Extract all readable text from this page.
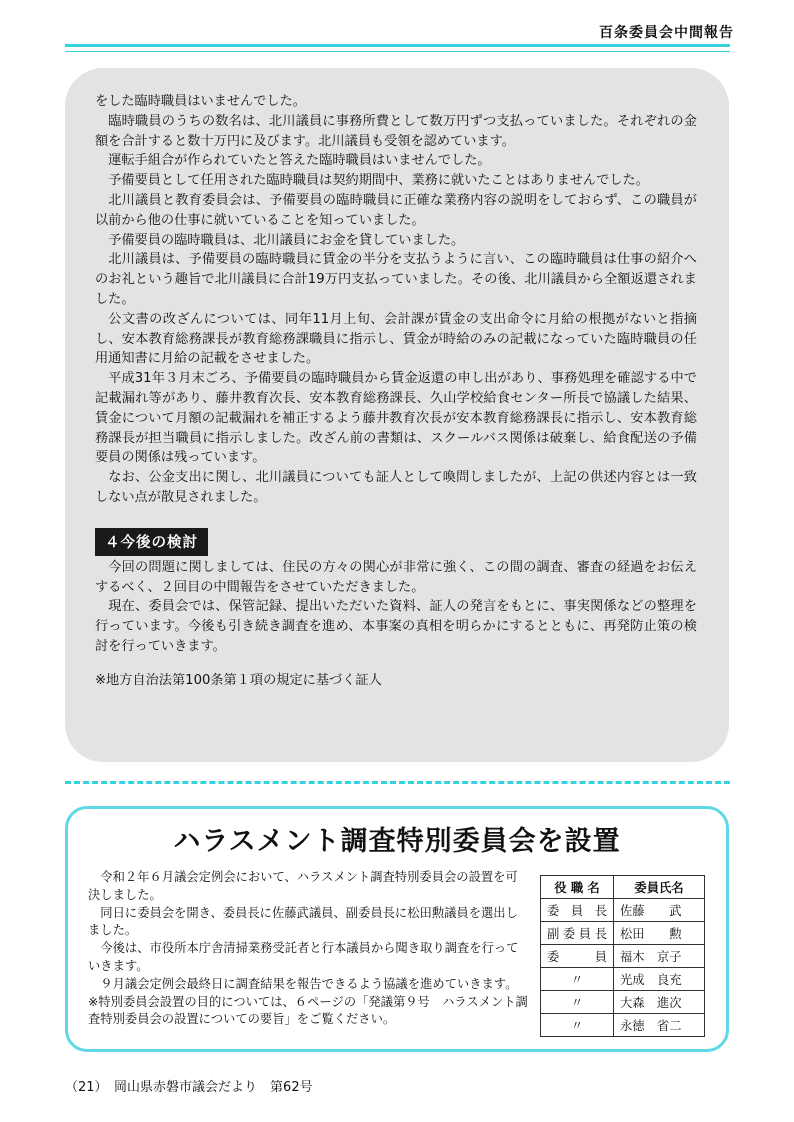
百条委員会中間報告

をした臨時職員はいませんでした。

臨時職員のうちの数名は、北川議員に事務所費として数万円ずつ支払っていました。それぞれの金額を合計すると数十万円に及びます。北川議員も受領を認めています。

運転手組合が作られていたと答えた臨時職員はいませんでした。

予備要員として任用された臨時職員は契約期間中、業務に就いたことはありませんでした。

北川議員と教育委員会は、予備要員の臨時職員に正確な業務内容の説明をしておらず、この職員が以前から他の仕事に就いていることを知っていました。

予備要員の臨時職員は、北川議員にお金を貸していました。

北川議員は、予備要員の臨時職員に賃金の半分を支払うように言い、この臨時職員は仕事の紹介へのお礼という趣旨で北川議員に合計19万円支払っていました。その後、北川議員から全額返還されました。

公文書の改ざんについては、同年11月上旬、会計課が賃金の支出命令に月給の根拠がないと指摘し、安本教育総務課長が教育総務課職員に指示し、賃金が時給のみの記載になっていた臨時職員の任用通知書に月給の記載をさせました。

平成31年３月末ごろ、予備要員の臨時職員から賃金返還の申し出があり、事務処理を確認する中で記載漏れ等があり、藤井教育次長、安本教育総務課長、久山学校給食センター所長で協議した結果、賃金について月額の記載漏れを補正するよう藤井教育次長が安本教育総務課長に指示し、安本教育総務課長が担当職員に指示しました。改ざん前の書類は、スクールバス関係は破棄し、給食配送の予備要員の関係は残っています。

なお、公金支出に関し、北川議員についても証人として喚問しましたが、上記の供述内容とは一致しない点が散見されました。

４今後の検討

今回の問題に関しましては、住民の方々の関心が非常に強く、この間の調査、審査の経過をお伝えするべく、２回目の中間報告をさせていただきました。

現在、委員会では、保管記録、提出いただいた資料、証人の発言をもとに、事実関係などの整理を行っています。今後も引き続き調査を進め、本事案の真相を明らかにするとともに、再発防止策の検討を行っていきます。

※地方自治法第100条第１項の規定に基づく証人

ハラスメント調査特別委員会を設置

　令和２年６月議会定例会において、ハラスメント調査特別委員会の設置を可決しました。

　同日に委員会を開き、委員長に佐藤武議員、副委員長に松田勲議員を選出しました。

　今後は、市役所本庁舎清掃業務受託者と行本議員から聞き取り調査を行っていきます。

　９月議会定例会最終日に調査結果を報告できるよう協議を進めていきます。

※特別委員会設置の目的については、６ページの「発議第９号　ハラスメント調査特別委員会の設置についての要旨」をご覧ください。

役 職 名	委員氏名
委員長	佐藤　　武
副委員長	松田　　勲
委員	福木　京子
〃	光成　良充
〃	大森　進次
〃	永徳　省二
（21）　岡山県赤磐市議会だより　第62号
